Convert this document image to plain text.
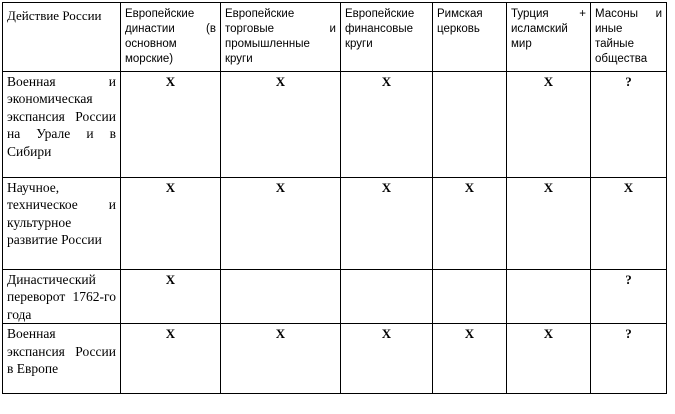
Действие России	Европейские династии (в основном морские)	Европейские торговые и промышленные круги	Европейские финансовые круги	Римская церковь	Турция + исламский мир	Масоны и иные тайные общества
Военная и экономическая экспансия России на Урале и в Сибири	X	X	X		X	?
Научное, техническое и культурное развитие России	X	X	X	X	X	X
Династический переворот 1762-го года	X					?
Военная экспансия России в Европе	X	X	X	X	X	?
